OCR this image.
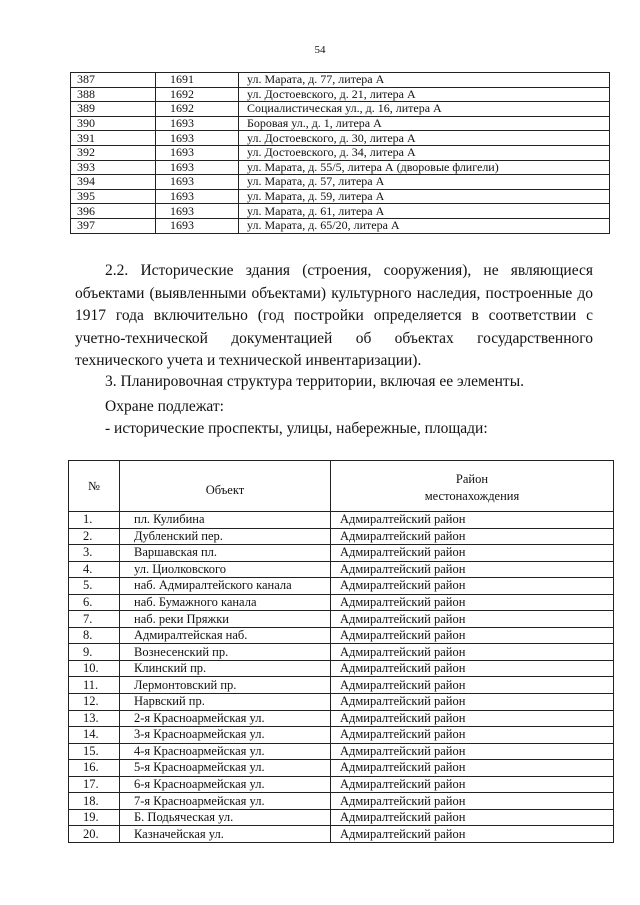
54
387	1691	ул. Марата, д. 77, литера А
388	1692	ул. Достоевского, д. 21, литера А
389	1692	Социалистическая ул., д. 16, литера А
390	1693	Боровая ул., д. 1, литера А
391	1693	ул. Достоевского, д. 30, литера А
392	1693	ул. Достоевского, д. 34, литера А
393	1693	ул. Марата, д. 55/5, литера А (дворовые флигели)
394	1693	ул. Марата, д. 57, литера А
395	1693	ул. Марата, д. 59, литера А
396	1693	ул. Марата, д. 61, литера А
397	1693	ул. Марата, д. 65/20, литера А
2.2. Исторические здания (строения, сооружения), не являющиеся объектами (выявленными объектами) культурного наследия, построенные до 1917 года включительно (год постройки определяется в соответствии с учетно-технической документацией об объектах государственного технического учета и технической инвентаризации).
3. Планировочная структура территории, включая ее элементы.
Охране подлежат:
- исторические проспекты, улицы, набережные, площади:
№	Объект	Район
местонахождения

1.	пл. Кулибина	Адмиралтейский район
2.	Дубленский пер.	Адмиралтейский район
3.	Варшавская пл.	Адмиралтейский район
4.	ул. Циолковского	Адмиралтейский район
5.	наб. Адмиралтейского канала	Адмиралтейский район
6.	наб. Бумажного канала	Адмиралтейский район
7.	наб. реки Пряжки	Адмиралтейский район
8.	Адмиралтейская наб.	Адмиралтейский район
9.	Вознесенский пр.	Адмиралтейский район
10.	Клинский пр.	Адмиралтейский район
11.	Лермонтовский пр.	Адмиралтейский район
12.	Нарвский пр.	Адмиралтейский район
13.	2-я Красноармейская ул.	Адмиралтейский район
14.	3-я Красноармейская ул.	Адмиралтейский район
15.	4-я Красноармейская ул.	Адмиралтейский район
16.	5-я Красноармейская ул.	Адмиралтейский район
17.	6-я Красноармейская ул.	Адмиралтейский район
18.	7-я Красноармейская ул.	Адмиралтейский район
19.	Б. Подьяческая ул.	Адмиралтейский район
20.	Казначейская ул.	Адмиралтейский район
